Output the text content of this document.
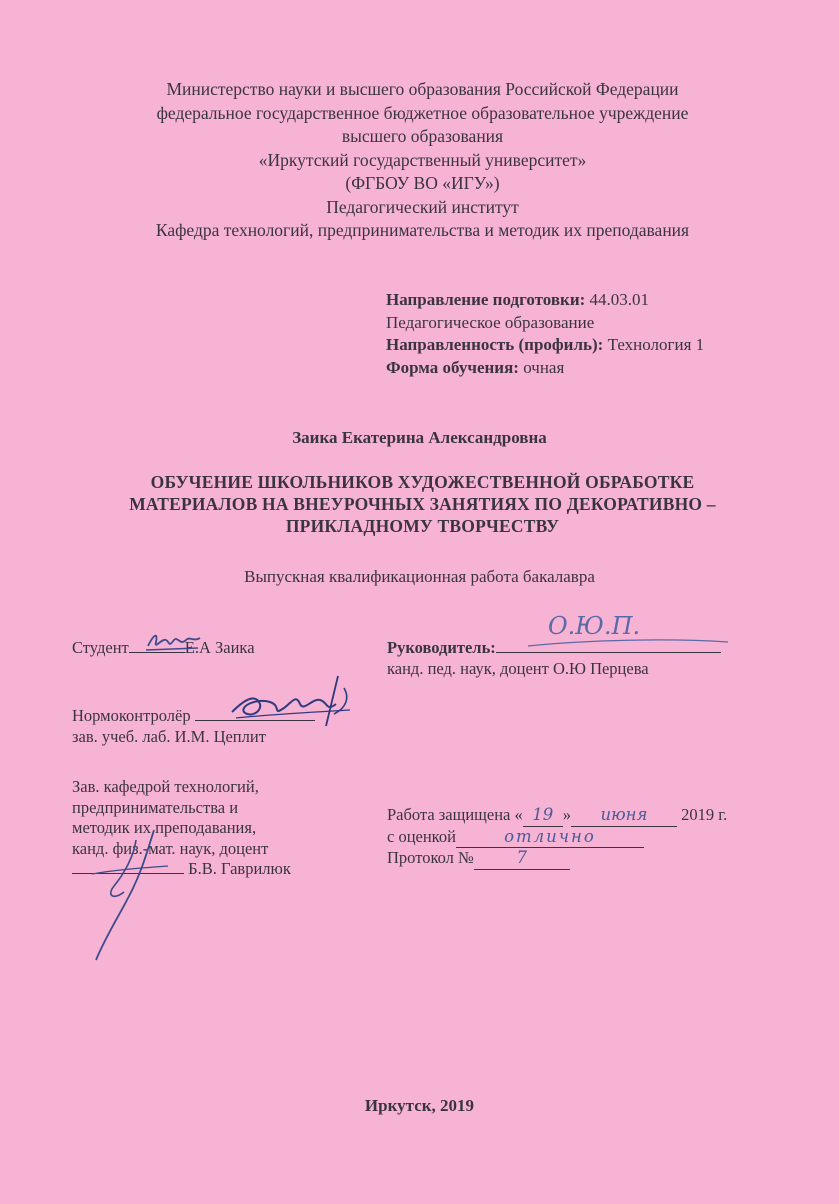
Министерство науки и высшего образования Российской Федерации
федеральное государственное бюджетное образовательное учреждение
высшего образования
«Иркутский государственный университет»
(ФГБОУ ВО «ИГУ»)
Педагогический институт
Кафедра технологий, предпринимательства и методик их преподавания
Направление подготовки: 44.03.01
Педагогическое образование
Направленность (профиль): Технология 1
Форма обучения: очная
Заика Екатерина Александровна
ОБУЧЕНИЕ ШКОЛЬНИКОВ ХУДОЖЕСТВЕННОЙ ОБРАБОТКЕ
МАТЕРИАЛОВ НА ВНЕУРОЧНЫХ ЗАНЯТИЯХ ПО ДЕКОРАТИВНО –
ПРИКЛАДНОМУ ТВОРЧЕСТВУ
Выпускная квалификационная работа бакалавра
Студент	Е.А Заика	Руководитель:
канд. пед. наук, доцент О.Ю Перцева
О.Ю.П.
Нормоконтролёр
зав. учеб. лаб. И.М. Цеплит
Зав. кафедрой технологий,
предпринимательства и
методик их преподавания,
канд. физ.-мат. наук, доцент
Б.В. Гаврилюк
Работа защищена « 19 » июня 2019 г.
с оценкой	отлично
Протокол №	7
Иркутск, 2019
